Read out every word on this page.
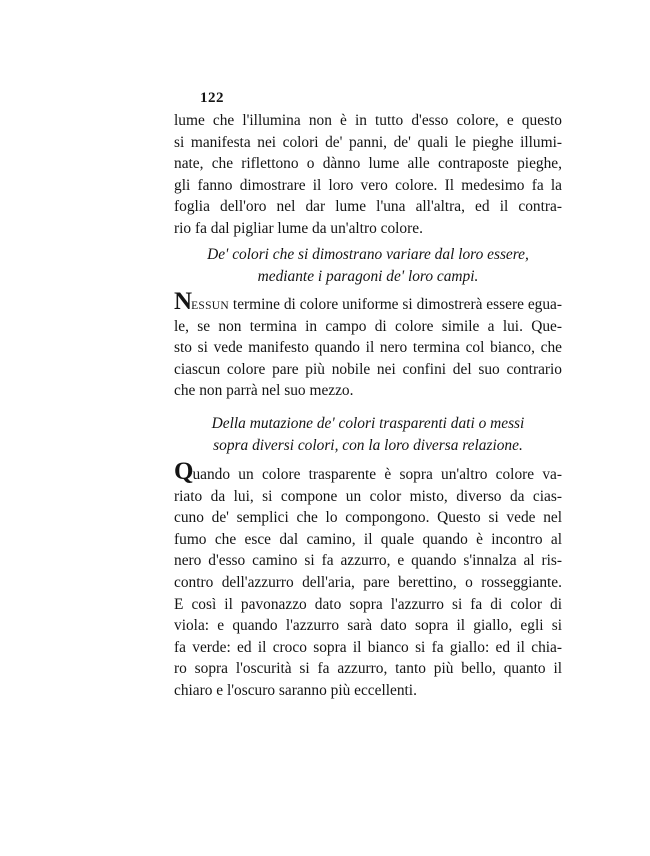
122
lume che l'illumina non è in tutto d'esso colore, e questo
si manifesta nei colori de' panni, de' quali le pieghe illumi-
nate, che riflettono o dànno lume alle contraposte pieghe,
gli fanno dimostrare il loro vero colore. Il medesimo fa la
foglia dell'oro nel dar lume l'una all'altra, ed il contra-
rio fa dal pigliar lume da un'altro colore.
De' colori che si dimostrano variare dal loro essere,
mediante i paragoni de' loro campi.
NESSUN termine di colore uniforme si dimostrerà essere egua-
le, se non termina in campo di colore simile a lui. Que-
sto si vede manifesto quando il nero termina col bianco, che
ciascun colore pare più nobile nei confini del suo contrario
che non parrà nel suo mezzo.
Della mutazione de' colori trasparenti dati o messi
sopra diversi colori, con la loro diversa relazione.
Quando un colore trasparente è sopra un'altro colore va-
riato da lui, si compone un color misto, diverso da cias-
cuno de' semplici che lo compongono. Questo si vede nel
fumo che esce dal camino, il quale quando è incontro al
nero d'esso camino si fa azzurro, e quando s'innalza al ris-
contro dell'azzurro dell'aria, pare berettino, o rosseggiante.
E così il pavonazzo dato sopra l'azzurro si fa di color di
viola: e quando l'azzurro sarà dato sopra il giallo, egli si
fa verde: ed il croco sopra il bianco si fa giallo: ed il chia-
ro sopra l'oscurità si fa azzurro, tanto più bello, quanto il
chiaro e l'oscuro saranno più eccellenti.
